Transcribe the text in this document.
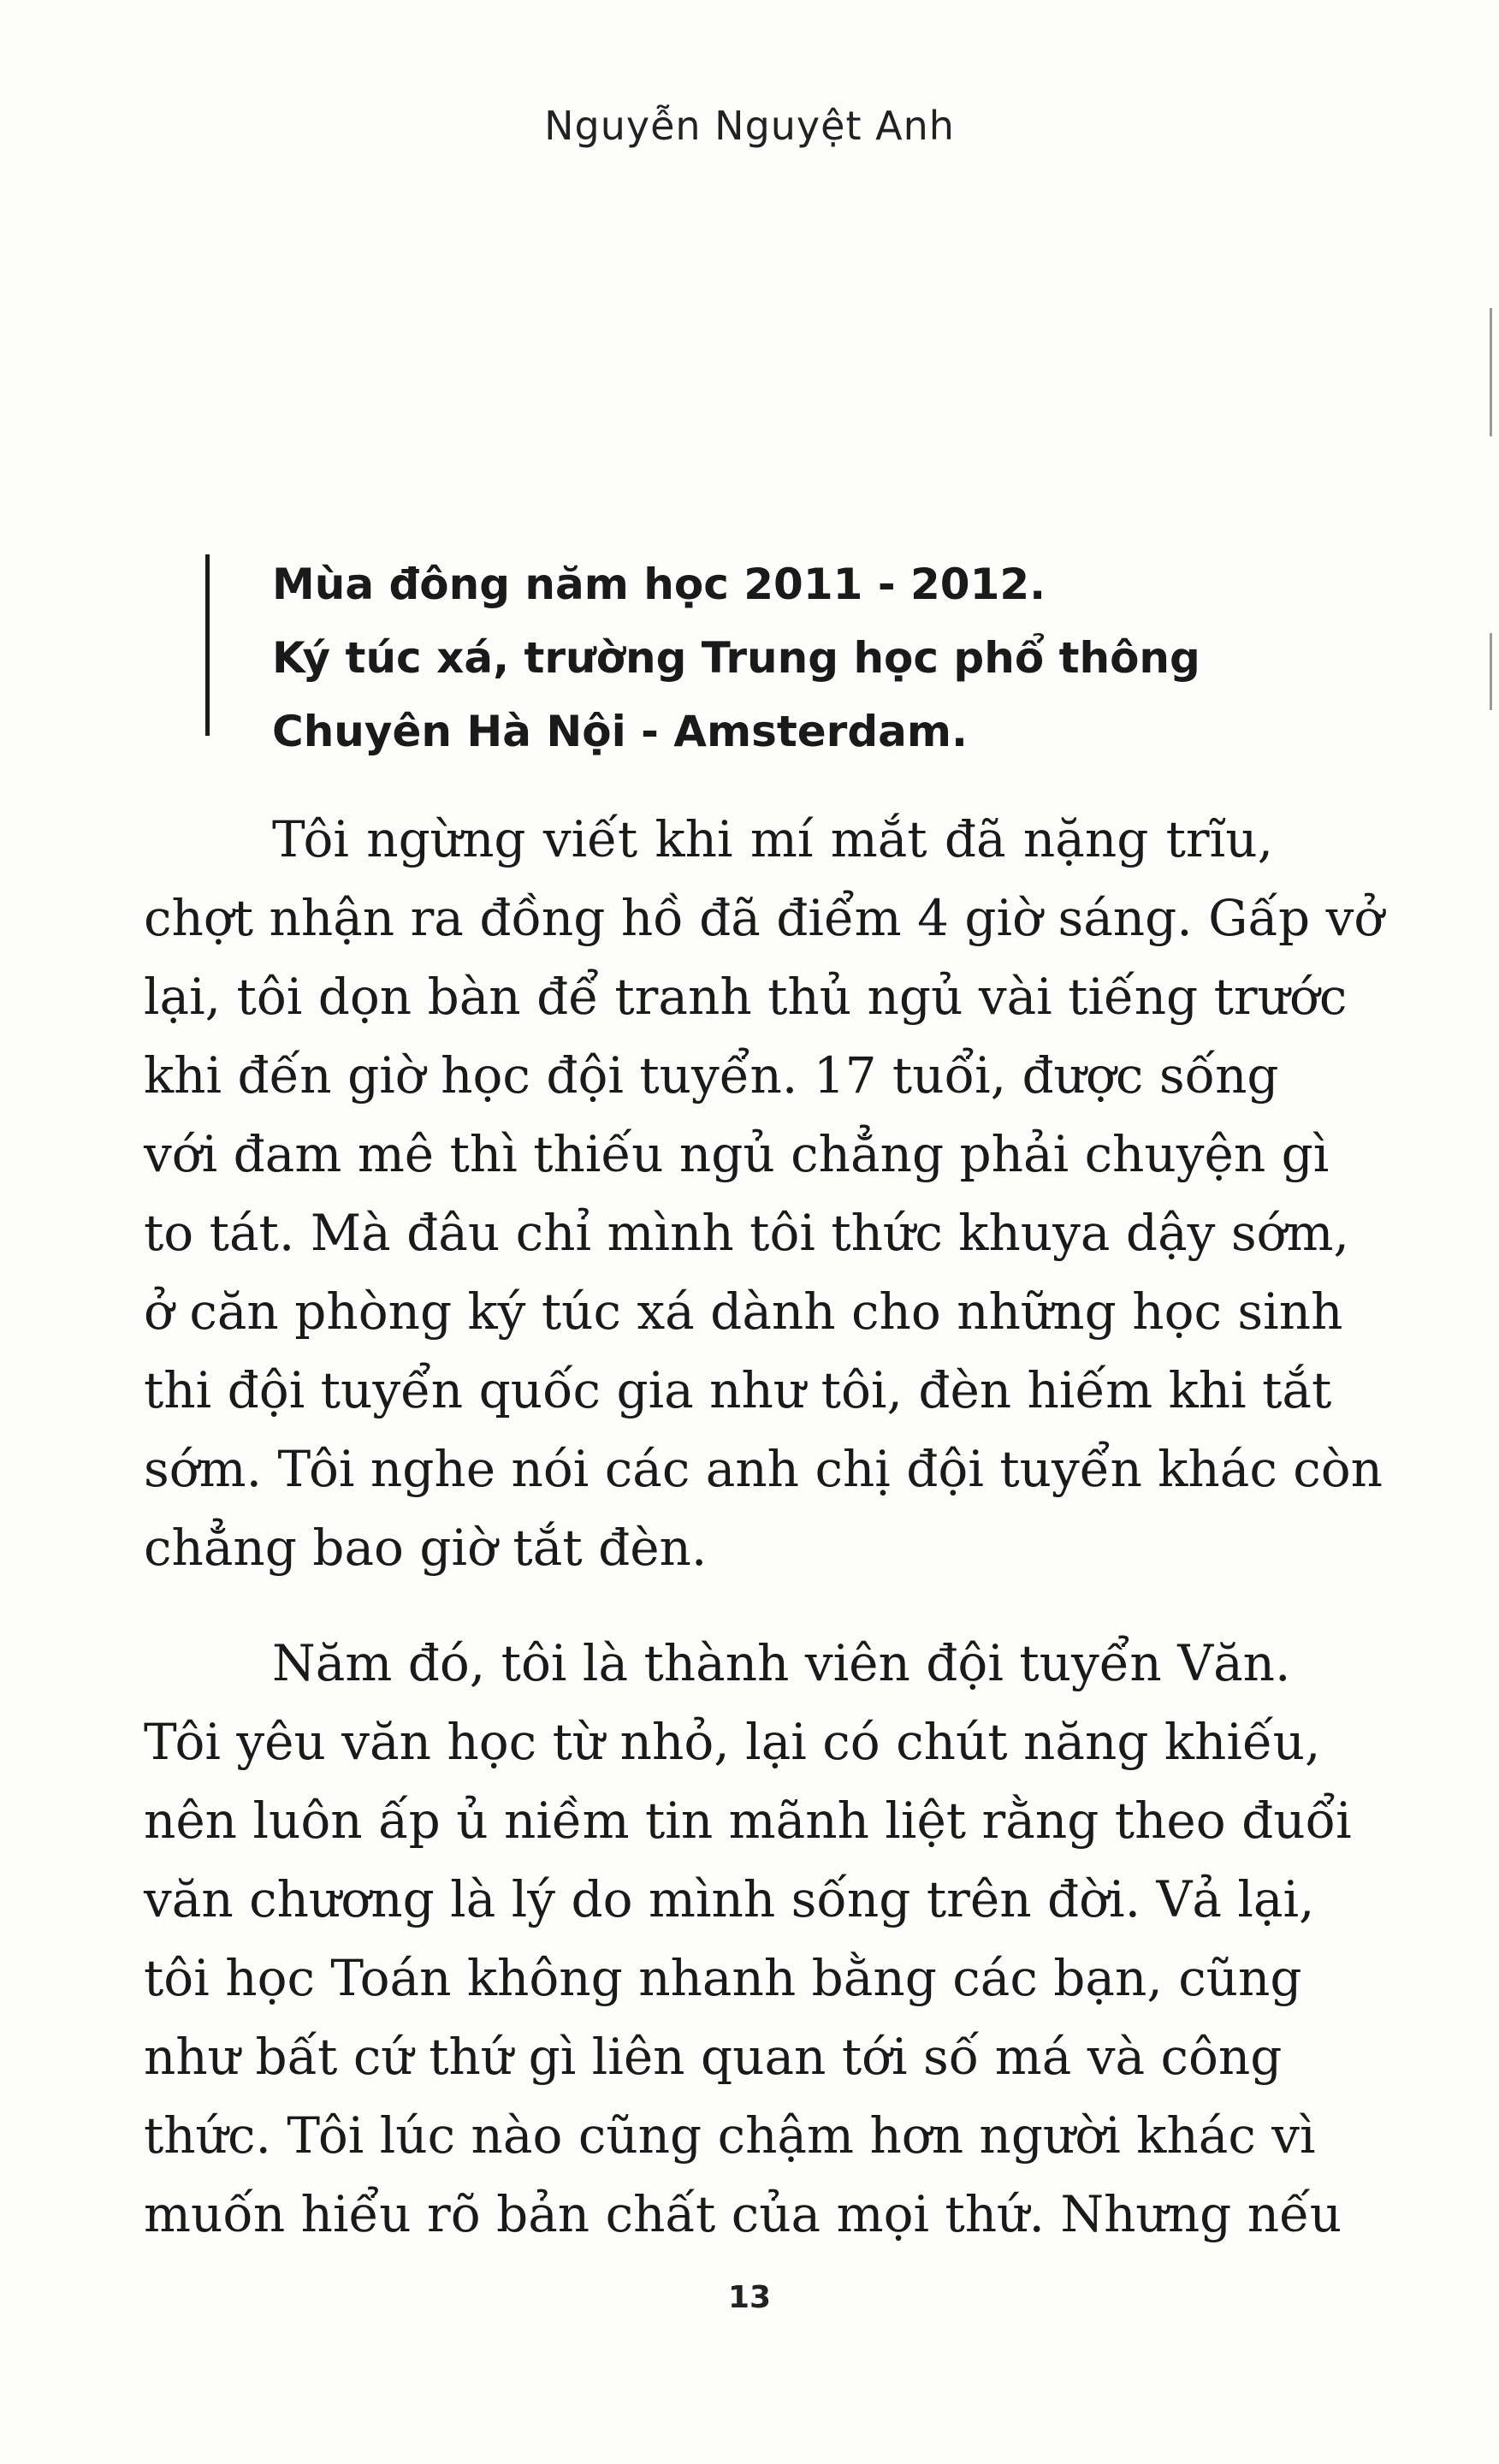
Nguyễn Nguyệt Anh
Mùa đông năm học 2011 - 2012.
Ký túc xá, trường Trung học phổ thông
Chuyên Hà Nội - Amsterdam.
Tôi ngừng viết khi mí mắt đã nặng trĩu,
chợt nhận ra đồng hồ đã điểm 4 giờ sáng. Gấp vở
lại, tôi dọn bàn để tranh thủ ngủ vài tiếng trước
khi đến giờ học đội tuyển. 17 tuổi, được sống
với đam mê thì thiếu ngủ chẳng phải chuyện gì
to tát. Mà đâu chỉ mình tôi thức khuya dậy sớm,
ở căn phòng ký túc xá dành cho những học sinh
thi đội tuyển quốc gia như tôi, đèn hiếm khi tắt
sớm. Tôi nghe nói các anh chị đội tuyển khác còn
chẳng bao giờ tắt đèn.
Năm đó, tôi là thành viên đội tuyển Văn.
Tôi yêu văn học từ nhỏ, lại có chút năng khiếu,
nên luôn ấp ủ niềm tin mãnh liệt rằng theo đuổi
văn chương là lý do mình sống trên đời. Vả lại,
tôi học Toán không nhanh bằng các bạn, cũng
như bất cứ thứ gì liên quan tới số má và công
thức. Tôi lúc nào cũng chậm hơn người khác vì
muốn hiểu rõ bản chất của mọi thứ. Nhưng nếu
13
